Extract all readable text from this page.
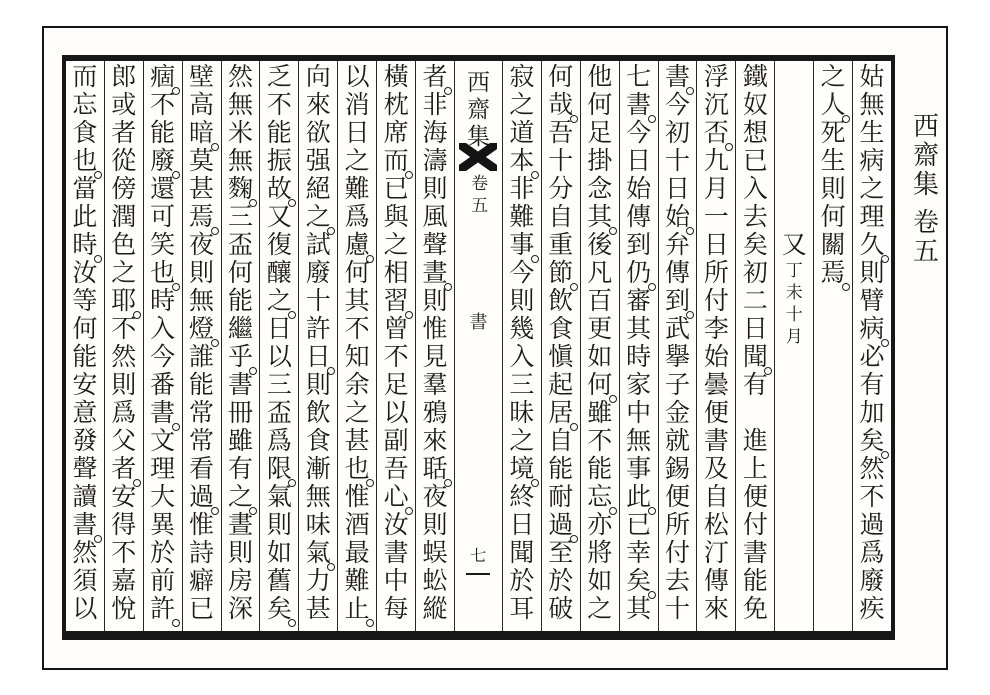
姑
無
生
病
之
理
久
則
臂
病
必
有
加
矣
然
不
過
爲
廢
疾
之
人
死
生
則
何
關
焉
又
丁
未
十
月
鐵
奴
想
已
入
去
矣
初
二
日
聞
有
進
上
便
付
書
能
免
浮
沉
否
九
月
一
日
所
付
李
始
曇
便
書
及
自
松
汀
傳
來
書
今
初
十
日
始
弁
傳
到
武
擧
子
金
就
錫
便
所
付
去
十
七
書
今
日
始
傳
到
仍
審
其
時
家
中
無
事
此
已
幸
矣
其
他
何
足
掛
念
其
後
凡
百
更
如
何
雖
不
能
忘
亦
將
如
之
何
哉
吾
十
分
自
重
節
飲
食
愼
起
居
自
能
耐
過
至
於
破
寂
之
道
本
非
難
事
今
則
幾
入
三
昧
之
境
終
日
聞
於
耳
西齋集
卷五
書
七
者
非
海
濤
則
風
聲
晝
則
惟
見
羣
鴉
來
聒
夜
則
蜈
蚣
縱
橫
枕
席
而
已
與
之
相
習
曾
不
足
以
副
吾
心
汝
書
中
每
以
消
日
之
難
爲
慮
何
其
不
知
余
之
甚
也
惟
酒
最
難
止
向
來
欲
强
絕
之
試
廢
十
許
日
則
飲
食
漸
無
味
氣
力
甚
乏
不
能
振
故
又
復
釀
之
日
以
三
盃
爲
限
氣
則
如
舊
矣
然
無
米
無
麴
三
盃
何
能
繼
乎
書
冊
雖
有
之
晝
則
房
深
壁
高
暗
莫
甚
焉
夜
則
無
燈
誰
能
常
常
看
過
惟
詩
癖
已
痼
不
能
廢
還
可
笑
也
時
入
今
番
書
文
理
大
異
於
前
許
郎
或
者
從
傍
潤
色
之
耶
不
然
則
爲
父
者
安
得
不
嘉
悅
而
忘
食
也
當
此
時
汝
等
何
能
安
意
發
聲
讀
書
然
須
以
西齋集
卷五
